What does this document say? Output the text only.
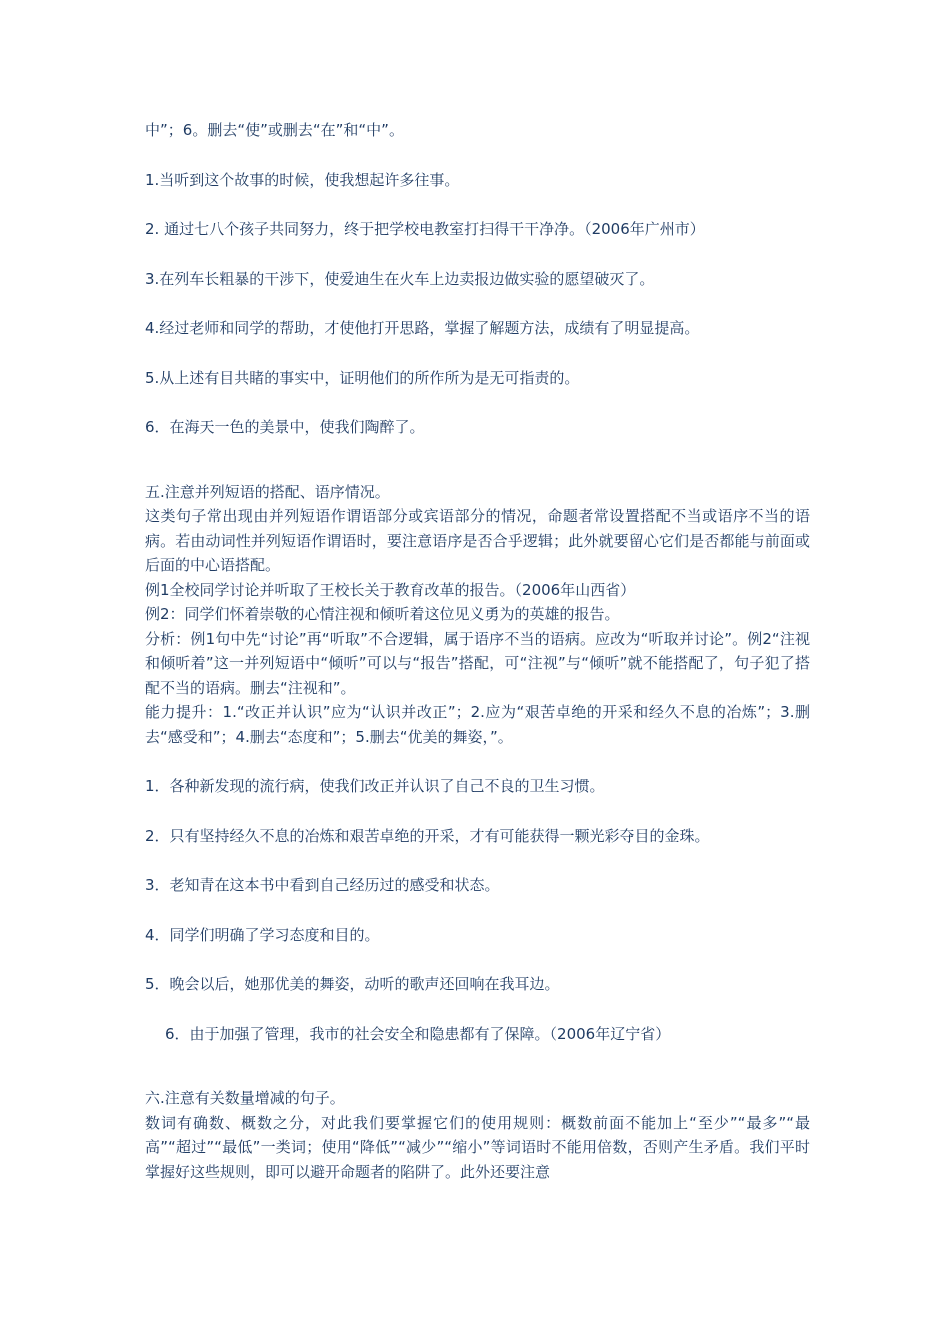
中”；6。删去“使”或删去“在”和“中”。

1.当听到这个故事的时候，使我想起许多往事。

2. 通过七八个孩子共同努力，终于把学校电教室打扫得干干净净。（2006年广州市）

3.在列车长粗暴的干涉下，使爱迪生在火车上边卖报边做实验的愿望破灭了。

4.经过老师和同学的帮助，才使他打开思路，掌握了解题方法，成绩有了明显提高。

5.从上述有目共睹的事实中，证明他们的所作所为是无可指责的。

6．在海天一色的美景中，使我们陶醉了。

五.注意并列短语的搭配、语序情况。

这类句子常出现由并列短语作谓语部分或宾语部分的情况，命题者常设置搭配不当或语序不当的语病。若由动词性并列短语作谓语时，要注意语序是否合乎逻辑；此外就要留心它们是否都能与前面或后面的中心语搭配。

例1全校同学讨论并听取了王校长关于教育改革的报告。（2006年山西省）

例2：同学们怀着崇敬的心情注视和倾听着这位见义勇为的英雄的报告。

分析：例1句中先“讨论”再“听取”不合逻辑，属于语序不当的语病。应改为“听取并讨论”。例2“注视和倾听着”这一并列短语中“倾听”可以与“报告”搭配，可“注视”与“倾听”就不能搭配了，句子犯了搭配不当的语病。删去“注视和”。

能力提升：1.“改正并认识”应为“认识并改正”；2.应为“艰苦卓绝的开采和经久不息的冶炼”；3.删去“感受和”；4.删去“态度和”；5.删去“优美的舞姿，”。

1．各种新发现的流行病，使我们改正并认识了自己不良的卫生习惯。

2．只有坚持经久不息的冶炼和艰苦卓绝的开采，才有可能获得一颗光彩夺目的金珠。

3．老知青在这本书中看到自己经历过的感受和状态。

4．同学们明确了学习态度和目的。

5．晚会以后，她那优美的舞姿，动听的歌声还回响在我耳边。

6．由于加强了管理，我市的社会安全和隐患都有了保障。（2006年辽宁省）

六.注意有关数量增减的句子。

数词有确数、概数之分，对此我们要掌握它们的使用规则：概数前面不能加上“至少”“最多”“最高”“超过”“最低”一类词；使用“降低”“减少”“缩小”等词语时不能用倍数，否则产生矛盾。我们平时掌握好这些规则，即可以避开命题者的陷阱了。此外还要注意
